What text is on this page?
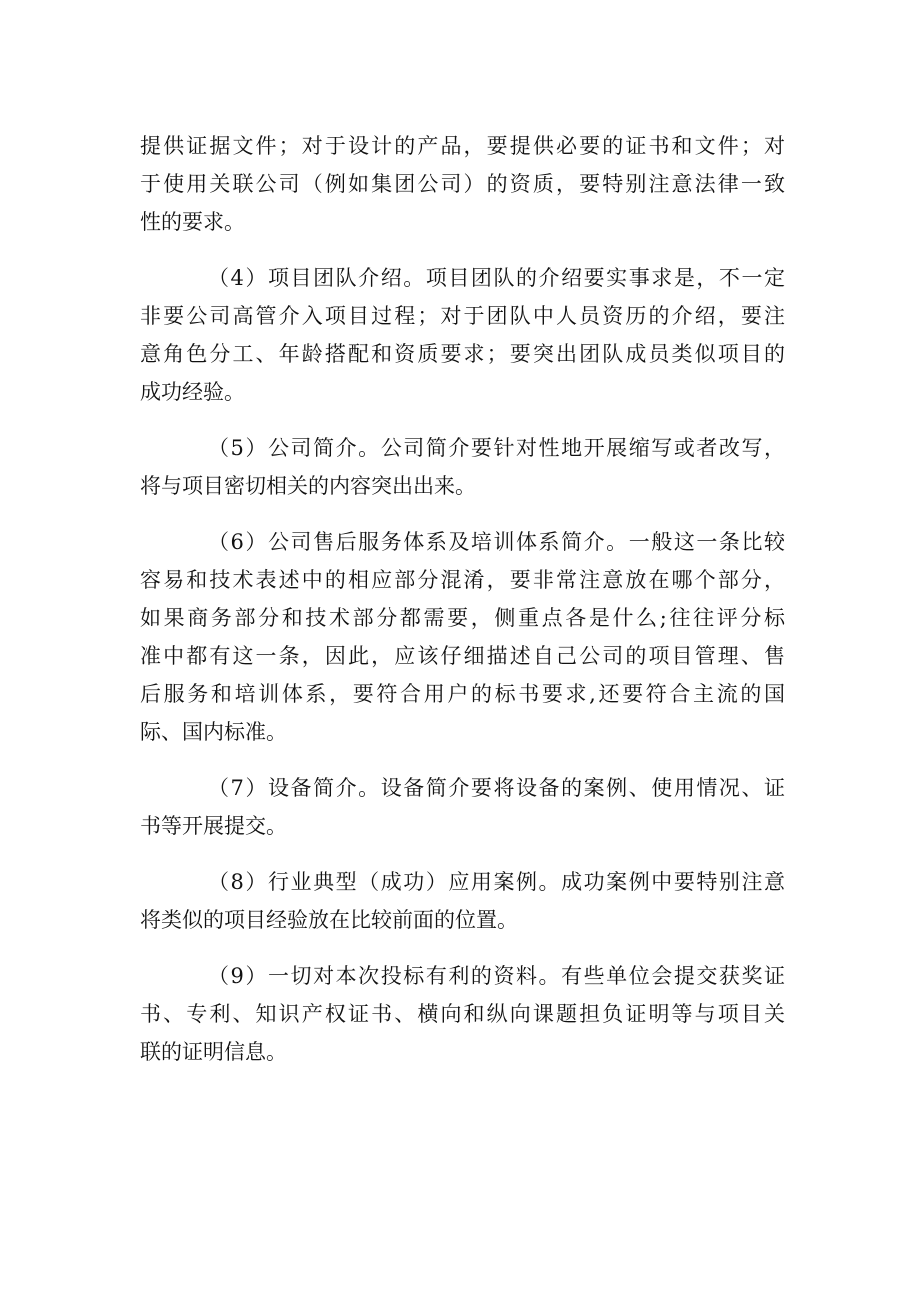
提供证据文件；对于设计的产品，要提供必要的证书和文件；对
于使用关联公司（例如集团公司）的资质，要特别注意法律一致
性的要求。
（4）项目团队介绍。项目团队的介绍要实事求是，不一定
非要公司高管介入项目过程；对于团队中人员资历的介绍，要注
意角色分工、年龄搭配和资质要求；要突出团队成员类似项目的
成功经验。
（5）公司简介。公司简介要针对性地开展缩写或者改写，
将与项目密切相关的内容突出出来。
（6）公司售后服务体系及培训体系简介。一般这一条比较
容易和技术表述中的相应部分混淆，要非常注意放在哪个部分，
如果商务部分和技术部分都需要，侧重点各是什么;往往评分标
准中都有这一条，因此，应该仔细描述自己公司的项目管理、售
后服务和培训体系，要符合用户的标书要求,还要符合主流的国
际、国内标准。
（7）设备简介。设备简介要将设备的案例、使用情况、证
书等开展提交。
（8）行业典型（成功）应用案例。成功案例中要特别注意
将类似的项目经验放在比较前面的位置。
（9）一切对本次投标有利的资料。有些单位会提交获奖证
书、专利、知识产权证书、横向和纵向课题担负证明等与项目关
联的证明信息。
